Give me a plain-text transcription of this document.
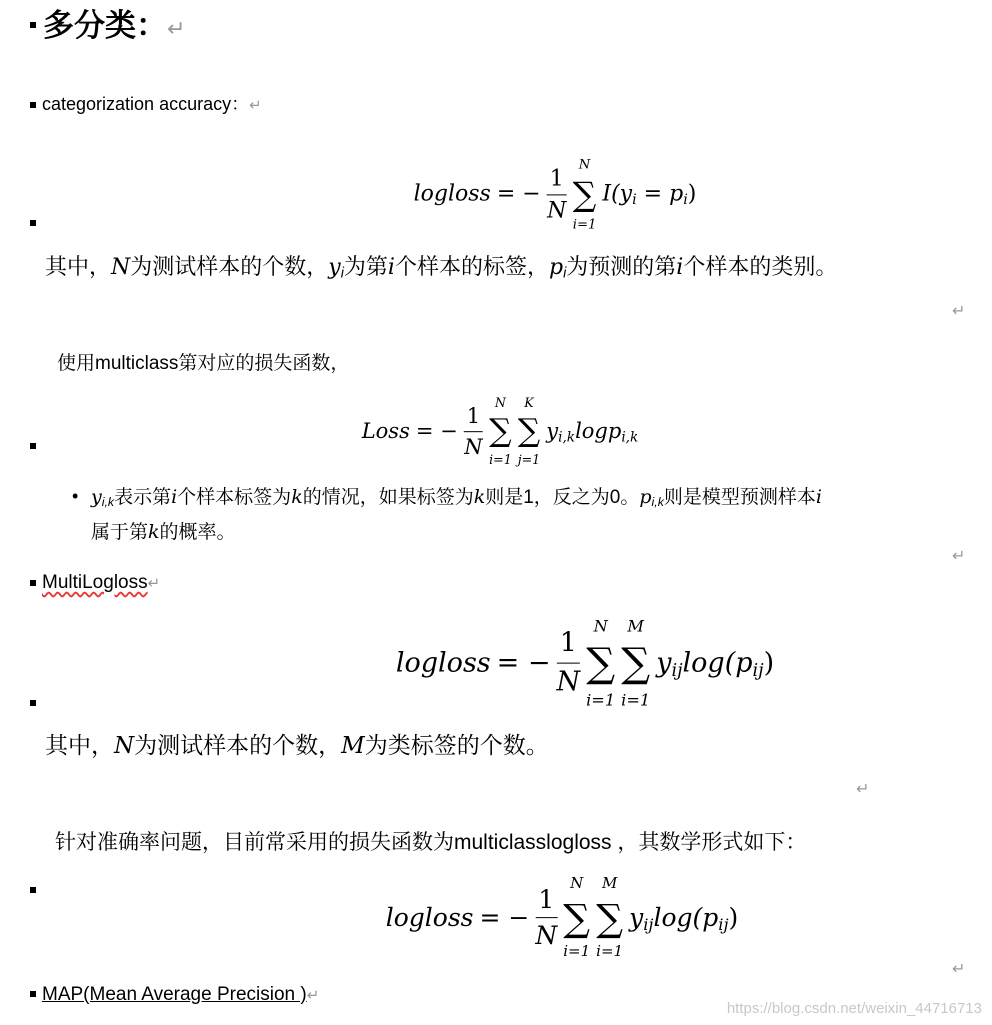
多分类：↵
categorization accuracy：↵
logloss = − $\frac{1}{N}$
N
∑
i=1
$I(y_i = p_i)$
其中，N为测试样本的个数，$y_i$为第i个样本的标签，$p_i$为预测的第i个样本的类别。
↵
使用multiclass第对应的损失函数，
Loss = − $\frac{1}{N}$
N
∑
i=1
K
∑
j=1
$y_{i,k}\log p_{i,k}$
• $y_{i,k}$表示第i个样本标签为k的情况，如果标签为k则是1，反之为0。$p_{i,k}$则是模型预测样本i
属于第k的概率。
↵
MultiLogloss↵
logloss = − $\frac{1}{N}$
N
∑
i=1
M
∑
i=1
$y_{ij}\log(p_{ij})$
其中，N为测试样本的个数，M为类标签的个数。
↵
针对准确率问题，目前常采用的损失函数为multiclasslogloss ，其数学形式如下：
logloss = − $\frac{1}{N}$
N
∑
i=1
M
∑
i=1
$y_{ij}\log(p_{ij})$
↵
MAP(Mean Average Precision )↵
https://blog.csdn.net/weixin_44716713
